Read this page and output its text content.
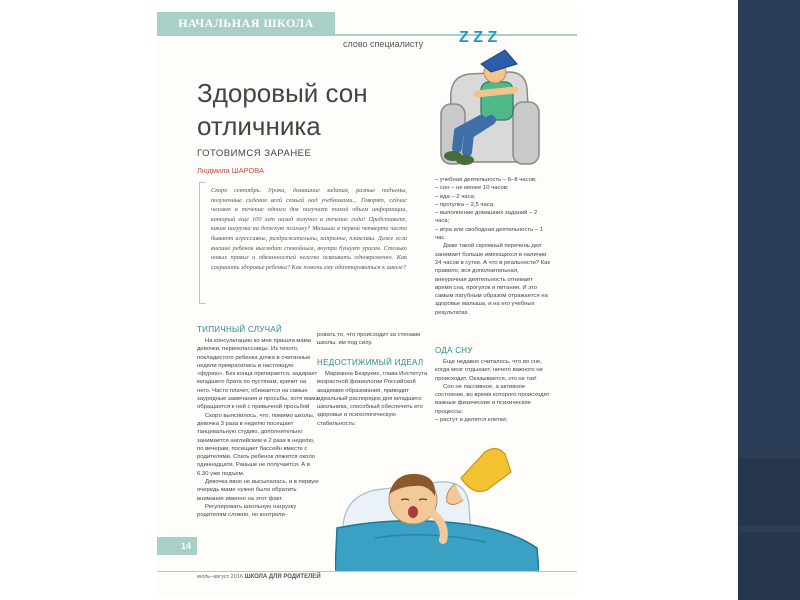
НАЧАЛЬНАЯ ШКОЛА
слово специалисту
Здоровый сон
отличника
ГОТОВИМСЯ ЗАРАНЕЕ
Людмила ШАРОВА
Скоро сентябрь. Уроки, домашние задания, разные подъемы, полуночные сидения всей семьей над учебниками... Говорят, сейчас человек в течение одного дня получает такой объем информации, который еще 100 лет назад получал в течение года! Представьте, какая нагрузка на детскую психику? Мальыш в первой четверти часто бывают агрессивны, раздражительны, капризны, плаксивы. Даже если внешне ребенок выглядит спокойным, внутри бушует ураган. Столько новых правил и обязанностей нелегко осваивать одновременно. Как сохранить здоровье ребенка? Как помочь ему адаптироваться к школе?
Z Z Z
ТИПИЧНЫЙ СЛУЧАЙ

На консультацию ко мне пришла мама девочки, первоклассницы. Из тихого, покладистого ребенка дочка в считанные недели превратилась в настоящую «фурию». Без конца препирается, задирает младшего брата по пустякам, кричит на него. Часто плачет, обижается на самые заурядные замечания и просьбы, хотя мама обращается к ней с привычной просьбой

Скоро выяснилось, что, помимо школы, девочка 3 раза в неделю посещает танцевальную студию, дополнительно занимается английским и 2 раза в неделю, по вечерам, посещает бассейн вместе с родителями. Спать ребенок ложится около одиннадцати. Раньше не получается. А в 6.30 уже подъем.

Девочка явно не высыпалась, и в первую очередь маме нужно было обратить внимание именно на этот факт.

Регулировать школьную нагрузку родителям сложно, но контроли-

ровать то, что происходит за стенами школы, им под силу.

НЕДОСТИЖИМЫЙ ИДЕАЛ

Марианна Безруких, глава Института возрастной физиологии Российской академии образования, приводит идеальный распорядок дня младшего школьника, способный обеспечить его здоровье и психологическую стабильность:

– учебная деятельность – 6–8 часов;

– сон – не менее 10 часов;

– еда – 2 часа;

– прогулка – 2,5 часа;

– выполнение домашних заданий – 2 часа;

– игра или свободная деятельность – 1 час.

Даже такой скромный перечень дел занимает больше имеющихся в наличии 24 часов в сутки. А что в реальности? Как правило, вся дополнительная, внеурочная деятельность отнимает время сна, прогулок и питания. И это самым пагубным образом отражается на здоровье малыша, и на его учебных результатах.

ОДА СНУ

Еще недавно считалось, что во сне, когда мозг отдыхает, ничего важного не происходит. Оказывается, это не так!

Сон не пассивное, а активное состояние, во время которого происходят важные физические и психические процессы:

– растут и делятся клетки;

14
июль–август 2016 ШКОЛА ДЛЯ РОДИТЕЛЕЙ
